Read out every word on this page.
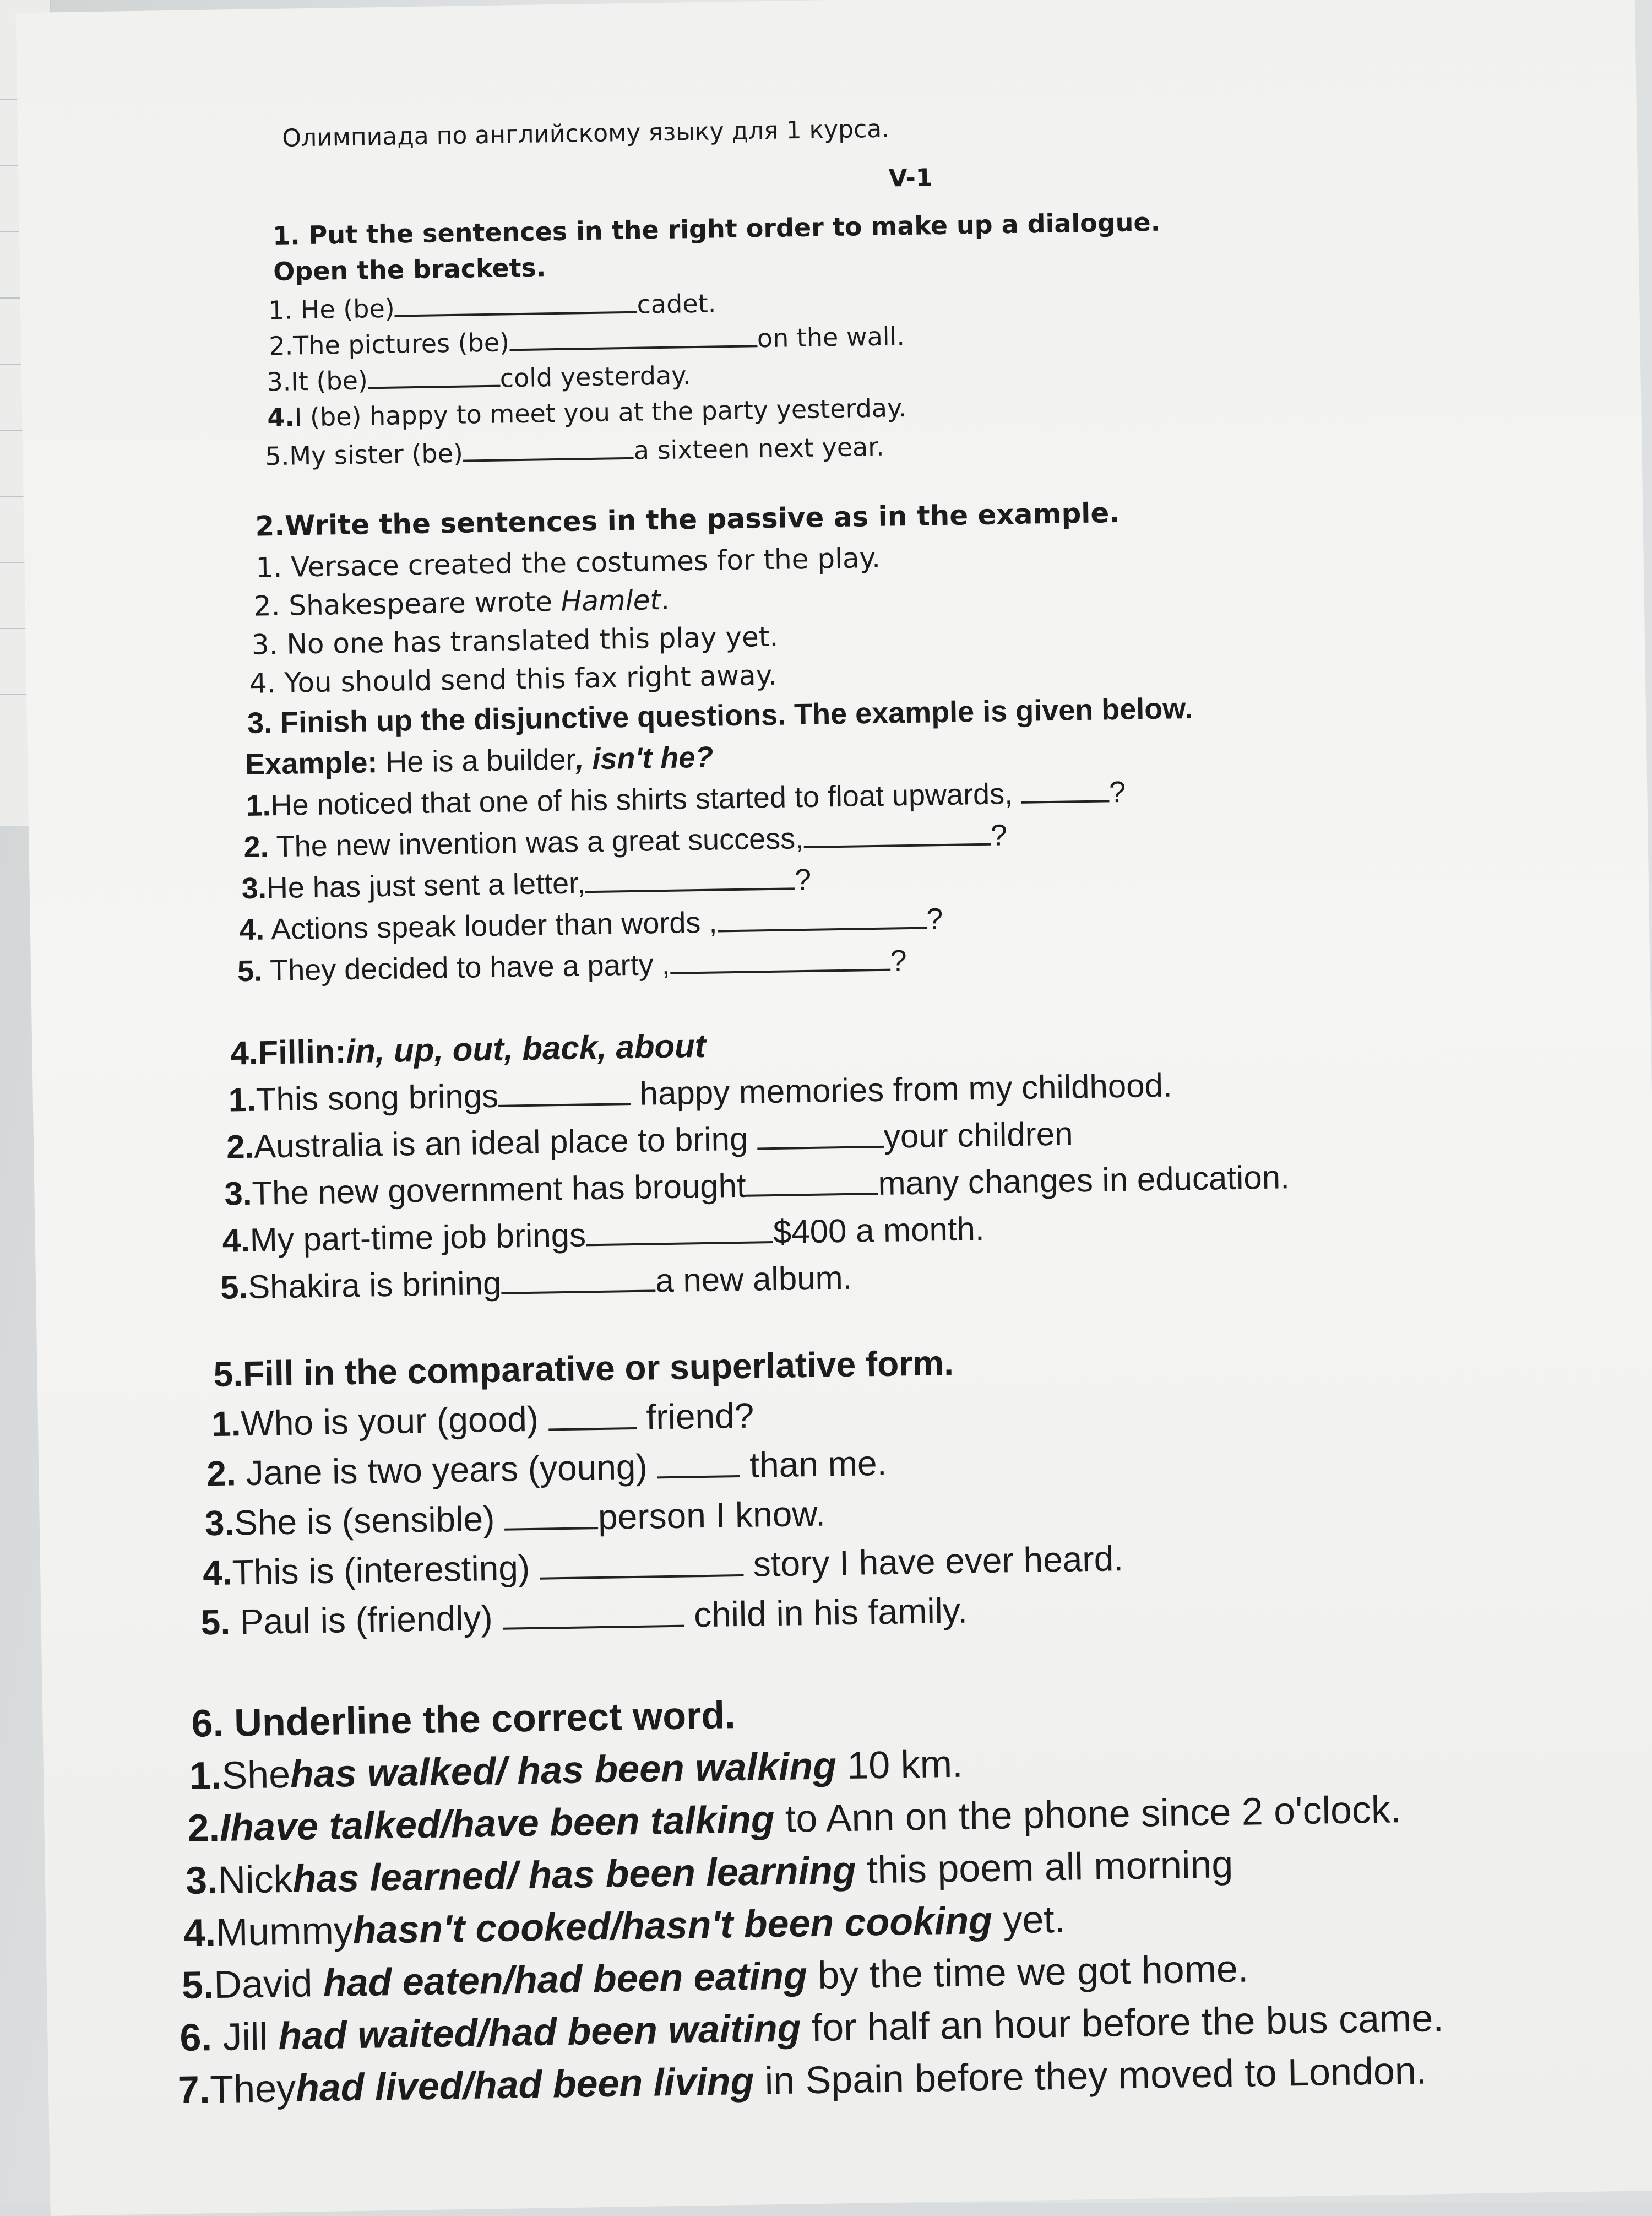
Олимпиада по английскому языку для 1 курса.
V-1
1. Put the sentences in the right order to make up a dialogue.
Open the brackets.
1. He (be)	cadet.
2.The pictures (be)	on the wall.
3.It (be)	cold yesterday.
4.I (be) happy to meet you at the party yesterday.
5.My sister (be)	a sixteen next year.
2.Write the sentences in the passive as in the example.
1. Versace created the costumes for the play.
2. Shakespeare wrote Hamlet.
3. No one has translated this play yet.
4. You should send this fax right away.
3. Finish up the disjunctive questions. The example is given below.
Example: He is a builder, isn't he?
1.He noticed that one of his shirts started to float upwards,	?
2. The new invention was a great success,	?
3.He has just sent a letter,	?
4. Actions speak louder than words ,	?
5. They decided to have a party ,	?
4.Fillin:in, up, out, back, about
1.This song brings	happy memories from my childhood.
2.Australia is an ideal place to bring	your children
3.The new government has brought	many changes in education.
4.My part-time job brings	$400 a month.
5.Shakira is brining	a new album.
5.Fill in the comparative or superlative form.
1.Who is your (good)	friend?
2. Jane is two years (young)	than me.
3.She is (sensible)	person I know.
4.This is (interesting)	story I have ever heard.
5. Paul is (friendly)	child in his family.
6. Underline the correct word.
1.Shehas walked/ has been walking 10 km.
2.Ihave talked/have been talking to Ann on the phone since 2 o'clock.
3.Nickhas learned/ has been learning this poem all morning
4.Mummyhasn't cooked/hasn't been cooking yet.
5.David had eaten/had been eating by the time we got home.
6. Jill had waited/had been waiting for half an hour before the bus came.
7.Theyhad lived/had been living in Spain before they moved to London.
